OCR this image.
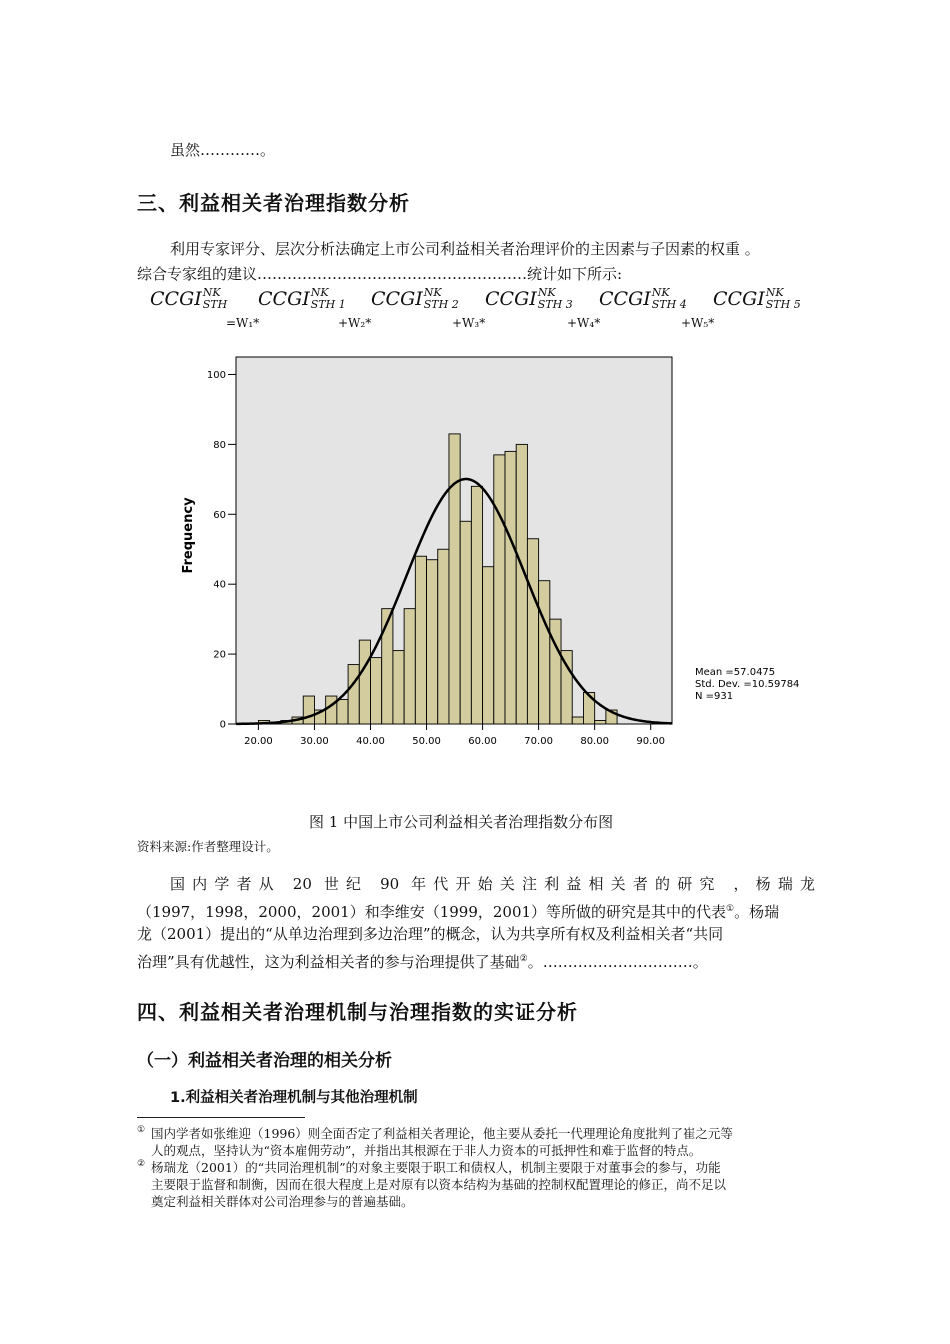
虽然…………。
三、利益相关者治理指数分析
利用专家评分、层次分析法确定上市公司利益相关者治理评价的主因素与子因素的权重 。
综合专家组的建议………………………………………………统计如下所示:
CCGI NK
STH CCGI NK
STH 1 CCGI NK
STH 2 CCGI NK
STH 3 CCGI NK
STH 4 CCGI NK
STH 5
=W₁*	+W₂*	+W₃*	+W₄*	+W₅*
0
20
40
60
80
100
20.00	30.00	40.00	50.00	60.00	70.00	80.00	90.00
Frequency
Mean =57.0475
Std. Dev. =10.59784
N =931
图 1 中国上市公司利益相关者治理指数分布图
资料来源:作者整理设计。
国内学者从 20 世纪 90 年代开始关注利益相关者的研究 ，杨瑞龙
（1997，1998，2000，2001）和李维安（1999，2001）等所做的研究是其中的代表①。杨瑞
龙（2001）提出的“从单边治理到多边治理”的概念，认为共享所有权及利益相关者“共同
治理”具有优越性，这为利益相关者的参与治理提供了基础②。…………………………。
四、利益相关者治理机制与治理指数的实证分析
（一）利益相关者治理的相关分析
1.利益相关者治理机制与其他治理机制
① 国内学者如张维迎（1996）则全面否定了利益相关者理论，他主要从委托一代理理论角度批判了崔之元等
人的观点，坚持认为“资本雇佣劳动”，并指出其根源在于非人力资本的可抵押性和难于监督的特点。
② 杨瑞龙（2001）的“共同治理机制”的对象主要限于职工和债权人，机制主要限于对董事会的参与，功能
主要限于监督和制衡，因而在很大程度上是对原有以资本结构为基础的控制权配置理论的修正，尚不足以
奠定利益相关群体对公司治理参与的普遍基础。
